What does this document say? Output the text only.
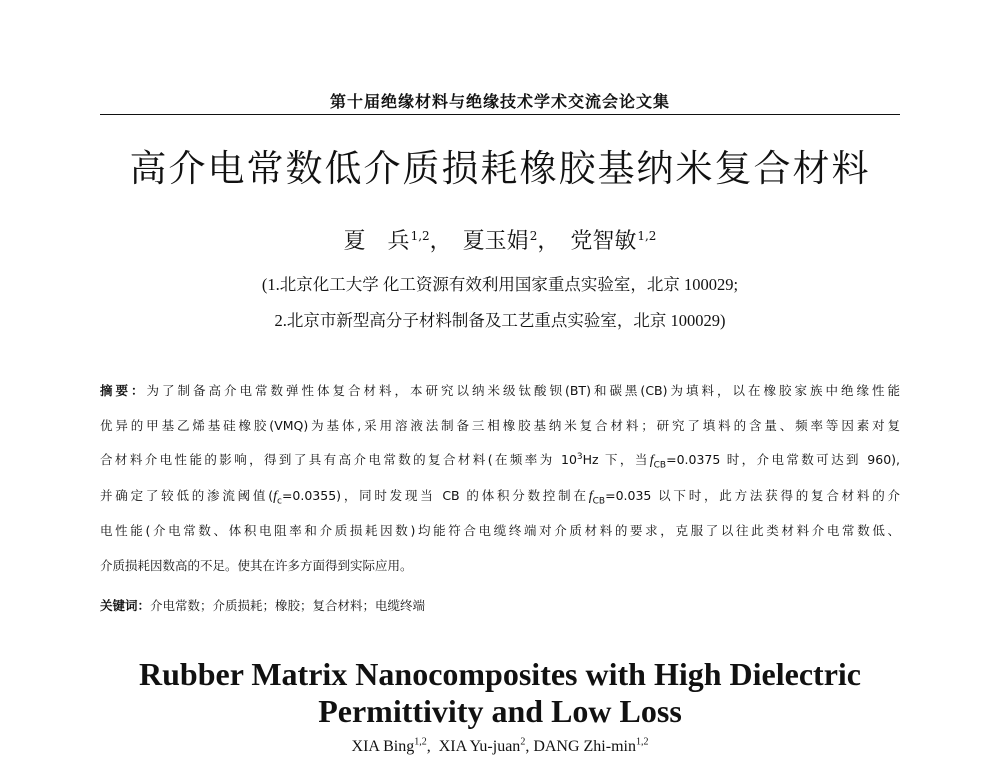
第十届绝缘材料与绝缘技术学术交流会论文集
高介电常数低介质损耗橡胶基纳米复合材料
夏　兵$^{1,2}$， 夏玉娟$^2$， 党智敏$^{1,2}$
(1.北京化工大学 化工资源有效利用国家重点实验室，北京 100029;
2.北京市新型高分子材料制备及工艺重点实验室，北京 100029)
摘要：为了制备高介电常数弹性体复合材料，本研究以纳米级钛酸钡(BT)和碳黑(CB)为填料，以在橡胶家族中绝缘性能
优异的甲基乙烯基硅橡胶(VMQ)为基体,采用溶液法制备三相橡胶基纳米复合材料；研究了填料的含量、频率等因素对复
合材料介电性能的影响，得到了具有高介电常数的复合材料(在频率为 $10^3Hz$ 下，当$f_{CB}=0.0375$ 时，介电常数可达到 960),
并确定了较低的渗流阈值$(f_c=0.0355)$，同时发现当 CB 的体积分数控制在$f_{CB}=0.035$ 以下时，此方法获得的复合材料的介
电性能(介电常数、体积电阻率和介质损耗因数)均能符合电缆终端对介质材料的要求，克服了以往此类材料介电常数低、
介质损耗因数高的不足。使其在许多方面得到实际应用。
关键词：介电常数；介质损耗；橡胶；复合材料；电缆终端
Rubber Matrix Nanocomposites with High Dielectric
Permittivity and Low Loss
XIA Bing$^{1,2}$,  XIA Yu-juan$^2$, DANG Zhi-$\min^{1,2}$
